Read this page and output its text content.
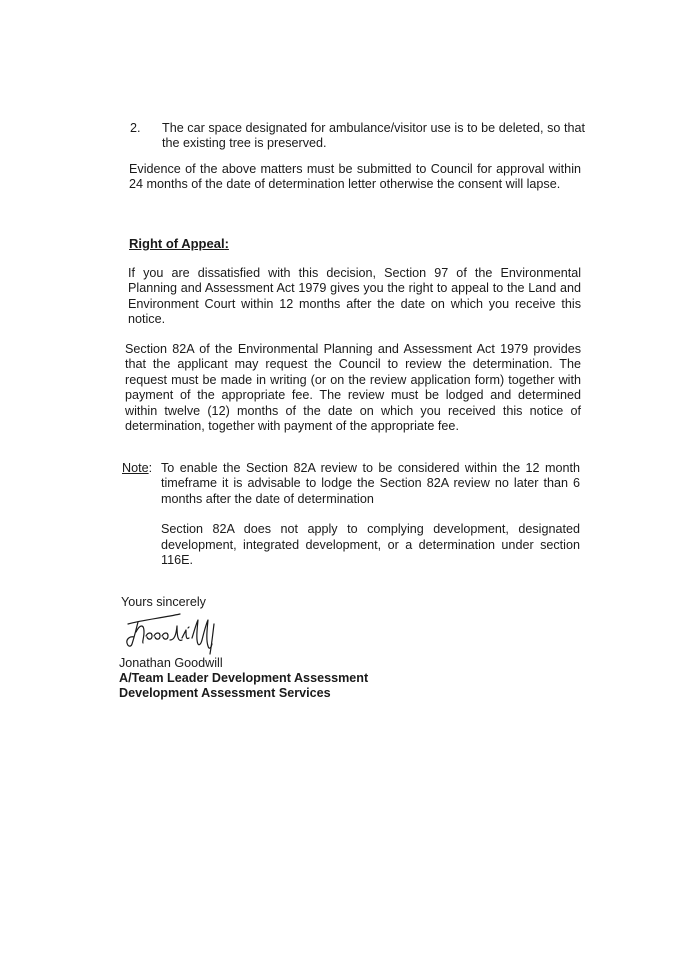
2.	The car space designated for ambulance/visitor use is to be deleted, so that the existing tree is preserved.

Evidence of the above matters must be submitted to Council for approval within 24 months of the date of determination letter otherwise the consent will lapse.

Right of Appeal:

If you are dissatisfied with this decision, Section 97 of the Environmental Planning and Assessment Act 1979 gives you the right to appeal to the Land and Environment Court within 12 months after the date on which you receive this notice.

Section 82A of the Environmental Planning and Assessment Act 1979 provides that the applicant may request the Council to review the determination. The request must be made in writing (or on the review application form) together with payment of the appropriate fee. The review must be lodged and determined within twelve (12) months of the date on which you received this notice of determination, together with payment of the appropriate fee.

Note: To enable the Section 82A review to be considered within the 12 month timeframe it is advisable to lodge the Section 82A review no later than 6 months after the date of determination

Section 82A does not apply to complying development, designated development, integrated development, or a determination under section 116E.

Yours sincerely
Jonathan Goodwill
A/Team Leader Development Assessment
Development Assessment Services
